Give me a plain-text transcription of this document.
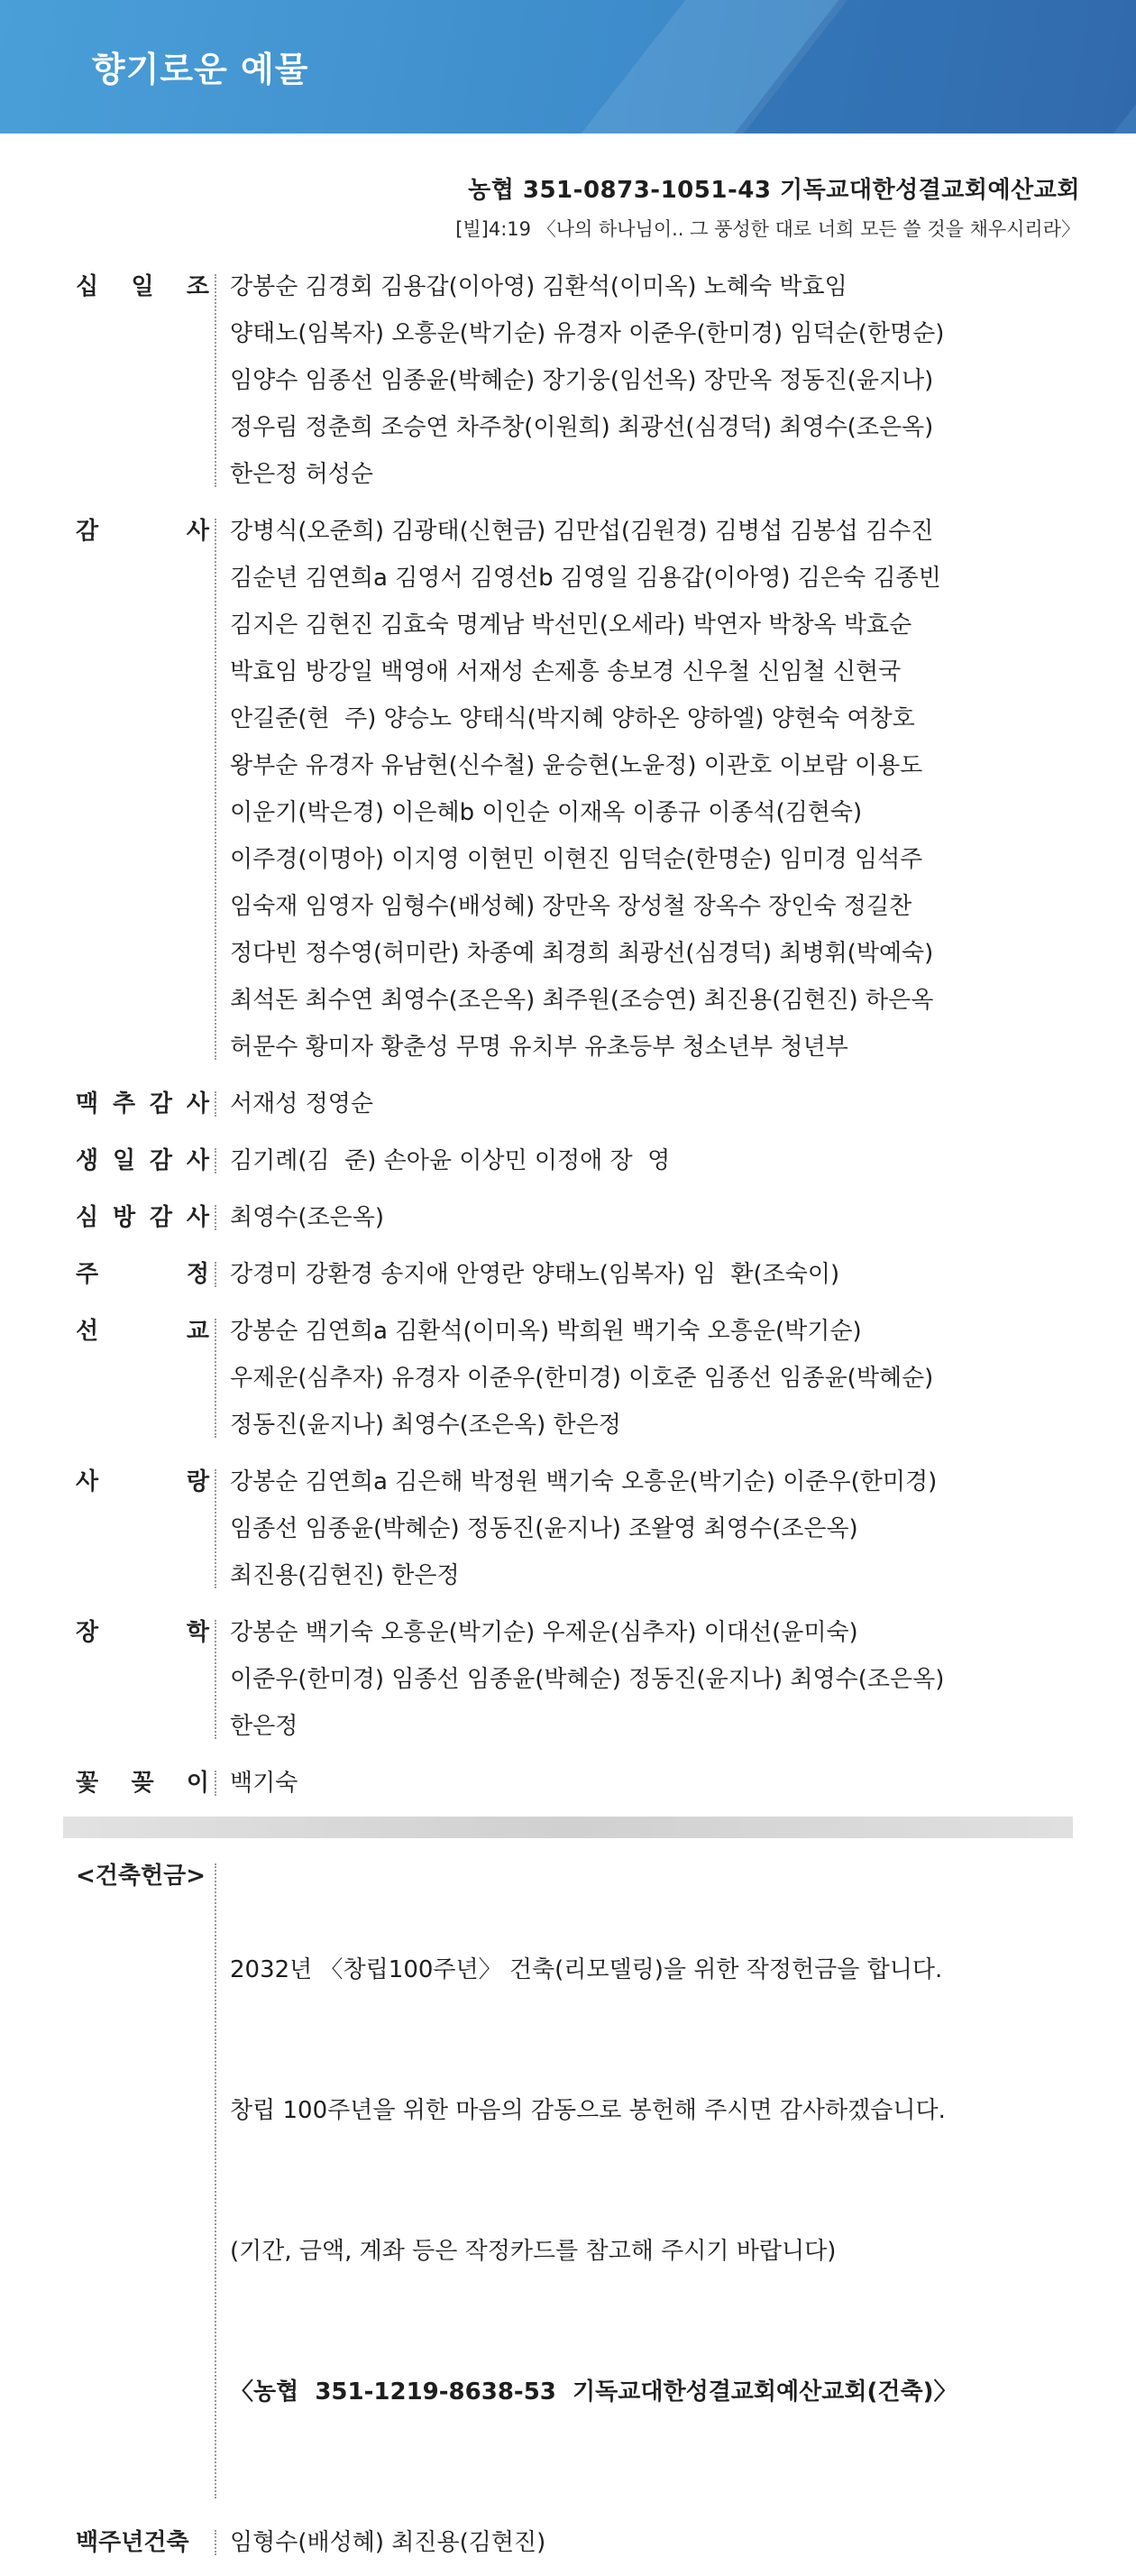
향기로운 예물
농협 351-0873-1051-43 기독교대한성결교회예산교회
[빌]4:19 〈나의 하나님이.. 그 풍성한 대로 너희 모든 쓸 것을 채우시리라〉
십 일 조 강봉순 김경회 김용갑(이아영) 김환석(이미옥) 노혜숙 박효임
양태노(임복자) 오흥운(박기순) 유경자 이준우(한미경) 임덕순(한명순)
임양수 임종선 임종윤(박혜순) 장기웅(임선옥) 장만옥 정동진(윤지나)
정우림 정춘희 조승연 차주창(이원희) 최광선(심경덕) 최영수(조은옥)
한은정 허성순
감	사 강병식(오준희) 김광태(신현금) 김만섭(김원경) 김병섭 김봉섭 김수진
김순년 김연희a 김영서 김영선b 김영일 김용갑(이아영) 김은숙 김종빈
김지은 김현진 김효숙 명계남 박선민(오세라) 박연자 박창옥 박효순
박효임 방강일 백영애 서재성 손제흥 송보경 신우철 신임철 신현국
안길준(현  주) 양승노 양태식(박지혜 양하온 양하엘) 양현숙 여창호
왕부순 유경자 유남현(신수철) 윤승현(노윤정) 이관호 이보람 이용도
이운기(박은경) 이은혜b 이인순 이재옥 이종규 이종석(김현숙)
이주경(이명아) 이지영 이현민 이현진 임덕순(한명순) 임미경 임석주
임숙재 임영자 임형수(배성혜) 장만옥 장성철 장옥수 장인숙 정길찬
정다빈 정수영(허미란) 차종예 최경희 최광선(심경덕) 최병휘(박예숙)
최석돈 최수연 최영수(조은옥) 최주원(조승연) 최진용(김현진) 하은옥
허문수 황미자 황춘성 무명 유치부 유초등부 청소년부 청년부
맥 추 감 사 서재성 정영순
생 일 감 사 김기례(김  준) 손아윤 이상민 이정애 장  영
심 방 감 사 최영수(조은옥)
주	정 강경미 강환경 송지애 안영란 양태노(임복자) 임  환(조숙이)
선	교 강봉순 김연희a 김환석(이미옥) 박희원 백기숙 오흥운(박기순)
우제운(심추자) 유경자 이준우(한미경) 이호준 임종선 임종윤(박혜순)
정동진(윤지나) 최영수(조은옥) 한은정
사	랑 강봉순 김연희a 김은해 박정원 백기숙 오흥운(박기순) 이준우(한미경)
임종선 임종윤(박혜순) 정동진(윤지나) 조왈영 최영수(조은옥)
최진용(김현진) 한은정
장	학 강봉순 백기숙 오흥운(박기순) 우제운(심추자) 이대선(윤미숙)
이준우(한미경) 임종선 임종윤(박혜순) 정동진(윤지나) 최영수(조은옥)
한은정
꽃 꽂 이 백기숙
<건축헌금>

2032년 〈창립100주년〉 건축(리모델링)을 위한 작정헌금을 합니다.

창립 100주년을 위한 마음의 감동으로 봉헌해 주시면 감사하겠습니다.

(기간, 금액, 계좌 등은 작정카드를 참고해 주시기 바랍니다)

〈농협  351-1219-8638-53  기독교대한성결교회예산교회(건축)〉

백주년건축	임형수(배성혜) 최진용(김현진)
